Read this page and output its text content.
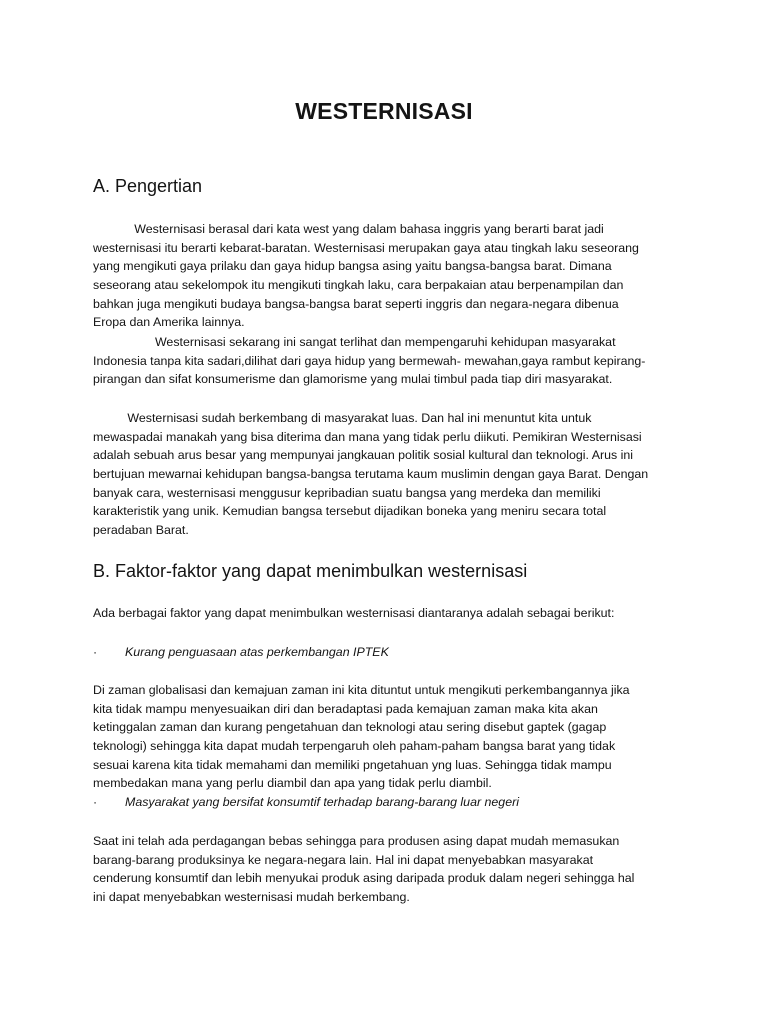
WESTERNISASI
A. Pengertian
Westernisasi berasal dari kata west yang dalam bahasa inggris yang berarti barat jadi
westernisasi itu berarti kebarat-baratan. Westernisasi merupakan gaya atau tingkah laku seseorang
yang mengikuti gaya prilaku dan gaya hidup bangsa asing yaitu bangsa-bangsa barat. Dimana
seseorang atau sekelompok itu mengikuti tingkah laku, cara berpakaian atau berpenampilan dan
bahkan juga mengikuti budaya bangsa-bangsa barat seperti inggris dan negara-negara dibenua
Eropa dan Amerika lainnya.
Westernisasi sekarang ini sangat terlihat dan mempengaruhi kehidupan masyarakat
Indonesia tanpa kita sadari,dilihat dari gaya hidup yang bermewah- mewahan,gaya rambut kepirang-
pirangan dan sifat konsumerisme dan glamorisme yang mulai timbul pada tiap diri masyarakat.
Westernisasi sudah berkembang di masyarakat luas. Dan hal ini menuntut kita untuk
mewaspadai manakah yang bisa diterima dan mana yang tidak perlu diikuti. Pemikiran Westernisasi
adalah sebuah arus besar yang mempunyai jangkauan politik sosial kultural dan teknologi. Arus ini
bertujuan mewarnai kehidupan bangsa-bangsa terutama kaum muslimin dengan gaya Barat. Dengan
banyak cara, westernisasi menggusur kepribadian suatu bangsa yang merdeka dan memiliki
karakteristik yang unik. Kemudian bangsa tersebut dijadikan boneka yang meniru secara total
peradaban Barat.
B. Faktor-faktor yang dapat menimbulkan westernisasi
Ada berbagai faktor yang dapat menimbulkan westernisasi diantaranya adalah sebagai berikut:
·	Kurang penguasaan atas perkembangan IPTEK
Di zaman globalisasi dan kemajuan zaman ini kita dituntut untuk mengikuti perkembangannya jika
kita tidak mampu menyesuaikan diri dan beradaptasi pada kemajuan zaman maka kita akan
ketinggalan zaman dan kurang pengetahuan dan teknologi atau sering disebut gaptek (gagap
teknologi) sehingga kita dapat mudah terpengaruh oleh paham-paham bangsa barat yang tidak
sesuai karena kita tidak memahami dan memiliki pngetahuan yng luas. Sehingga tidak mampu
membedakan mana yang perlu diambil dan apa yang tidak perlu diambil.
·	Masyarakat yang bersifat konsumtif terhadap barang-barang luar negeri
Saat ini telah ada perdagangan bebas sehingga para produsen asing dapat mudah memasukan
barang-barang produksinya ke negara-negara lain. Hal ini dapat menyebabkan masyarakat
cenderung konsumtif dan lebih menyukai produk asing daripada produk dalam negeri sehingga hal
ini dapat menyebabkan westernisasi mudah berkembang.
